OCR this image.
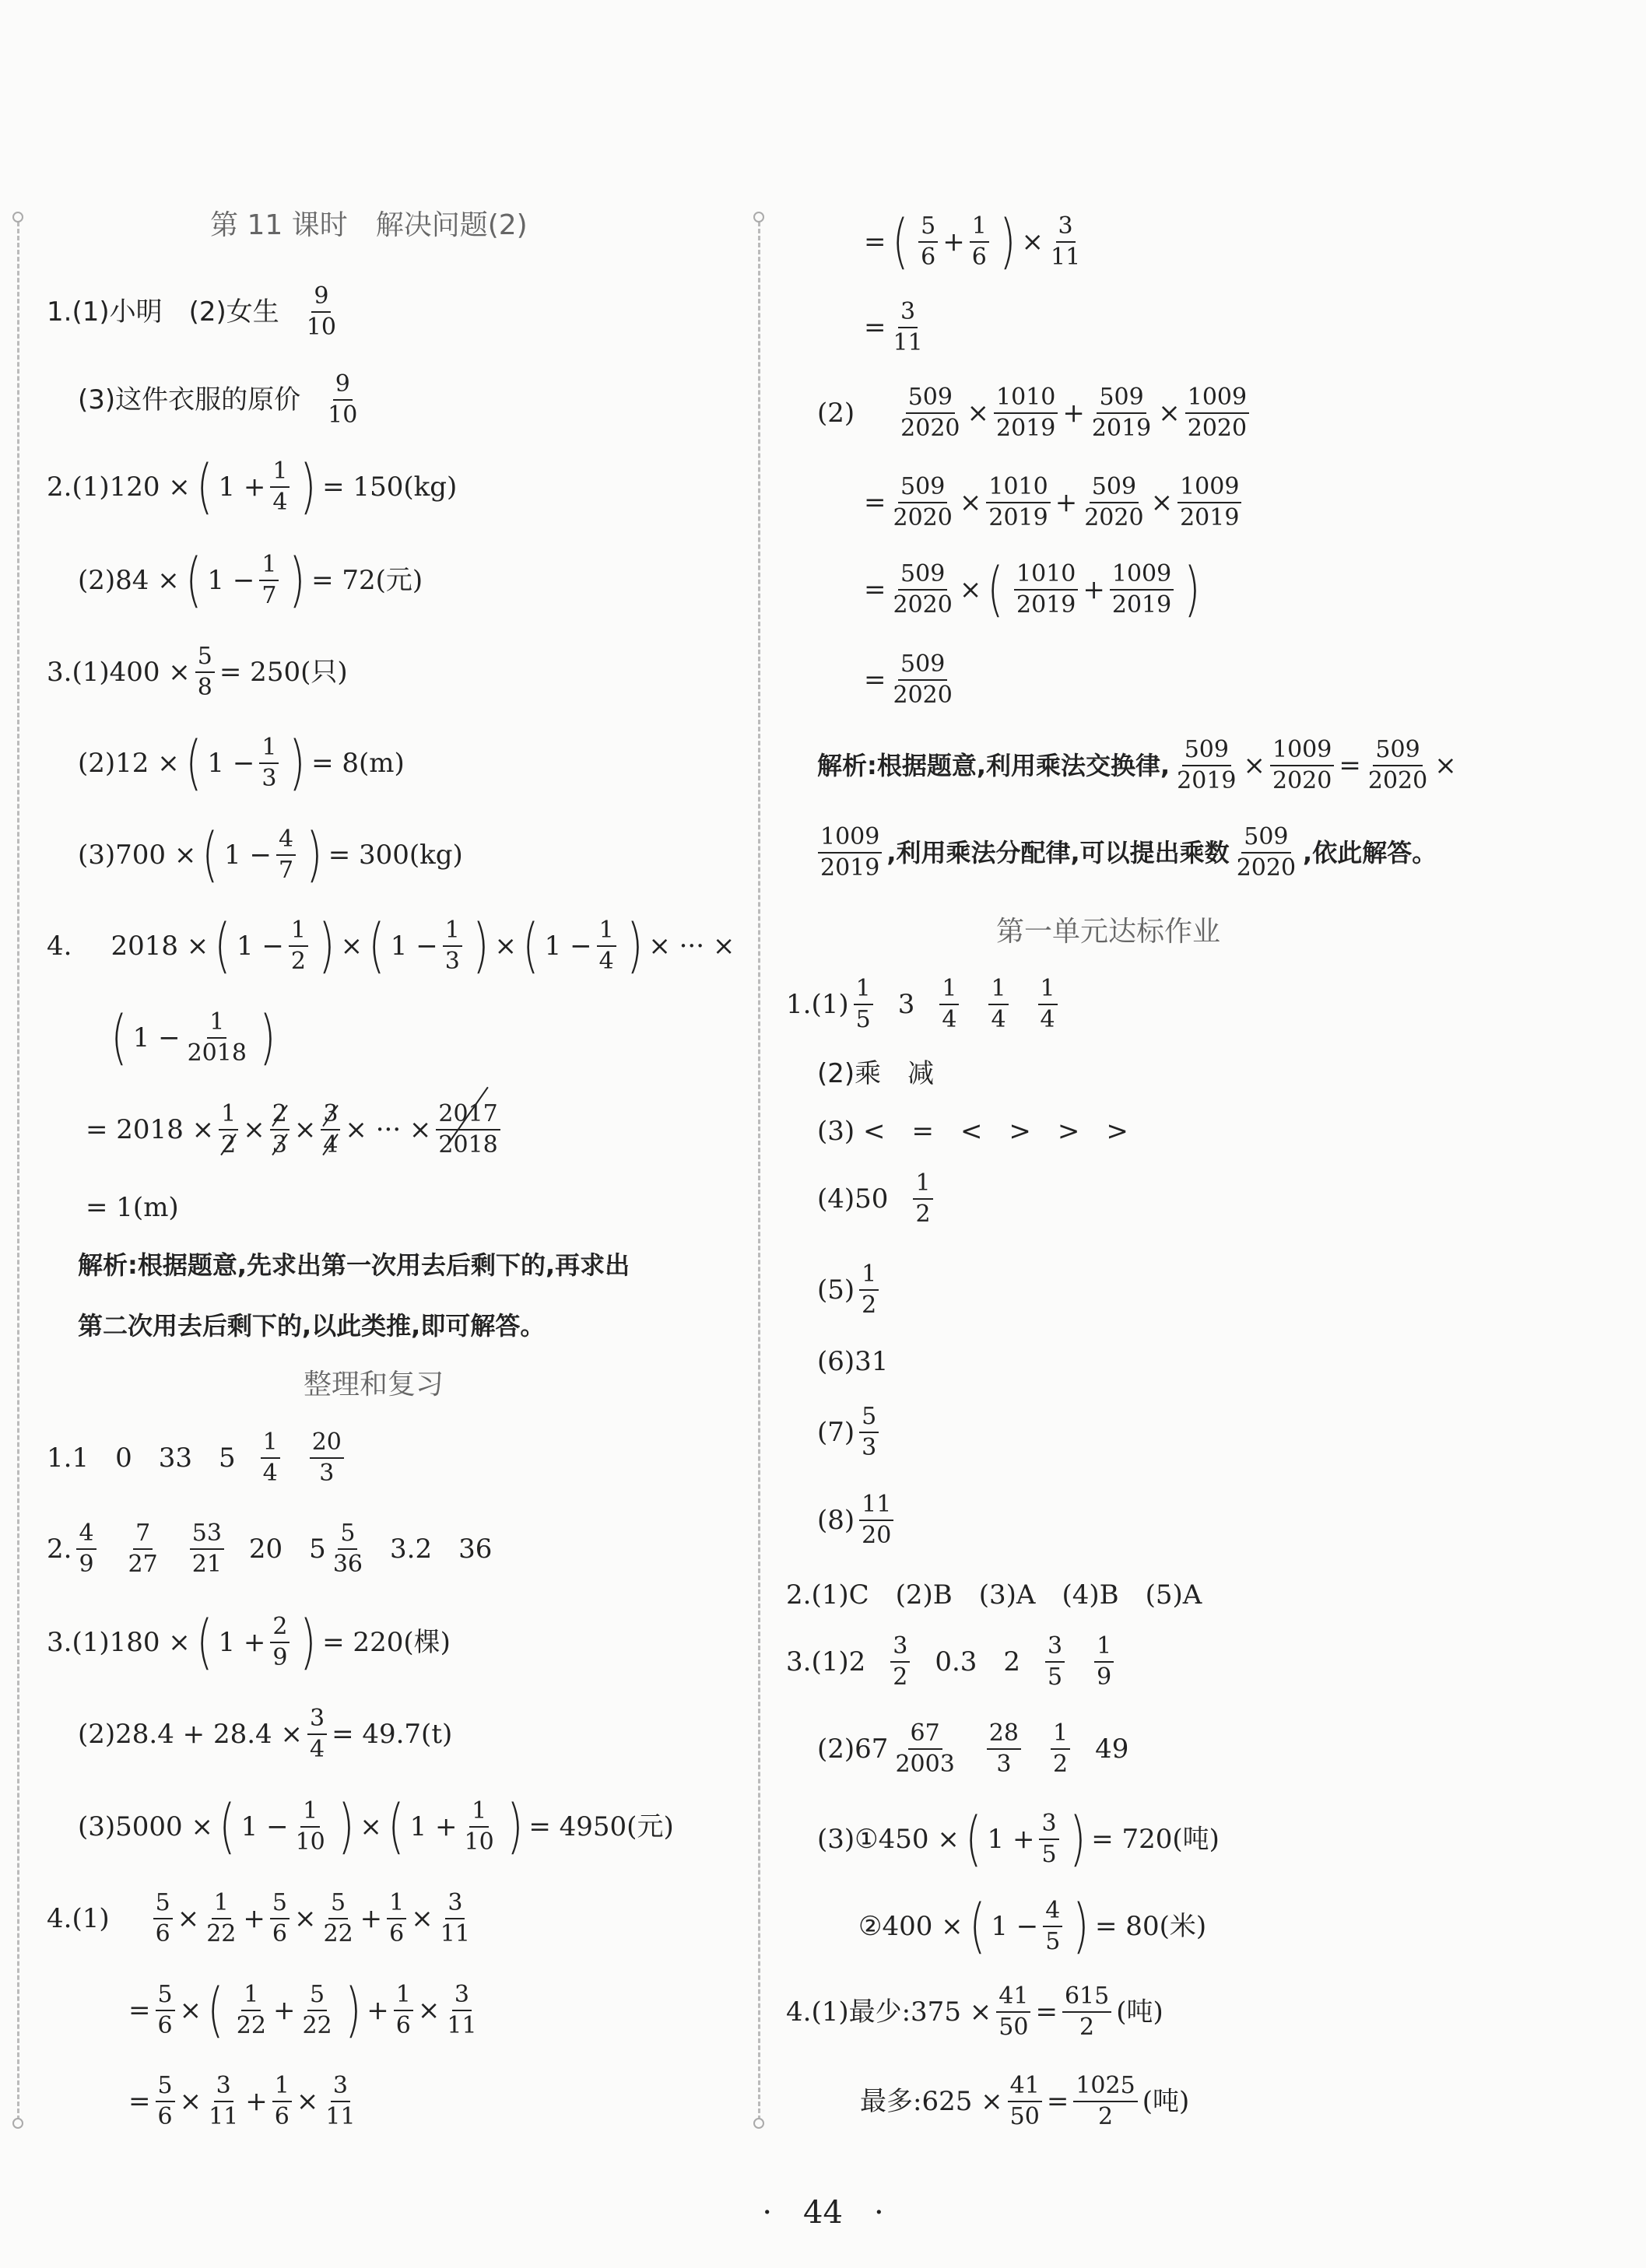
第 11 课时　解决问题(2)
1.(1)小明　(2)女生 $\frac{9}{10}$
(3)这件衣服的原价 $\frac{9}{10}$
2.(1)120 × ( $1 + \frac{1}{4}$ ) = 150(kg)
(2)84 × ( $1 - \frac{1}{7}$ ) = 72(元)
$3.(1)400 \times \frac{5}{8} = 250$(只)
(2)12 × ( $1 - \frac{1}{3}$ ) = 8(m)
(3)700 × ( $1 - \frac{4}{7}$ ) = 300(kg)
4. 2018 × ( $1 - \frac{1}{2}$ ) × ( $1 - \frac{1}{3}$ ) × ( $1 - \frac{1}{4}$ ) × ··· ×
( $1 - \frac{1}{2018}$ )
= $2018 \times \frac{1}{2} \times \frac{2}{3} \times \frac{3}{4}$ × ··· × $\frac{2017}{2018}$
= 1(m)
解析 :根据题意,先求出第一次用去后剩下的,再求出
第二次用去后剩下的,以此类推,即可解答。
整理和复习
1.1　0　33　$5 \frac{1}{4} \frac{20}{3}$
2. $\frac{4}{9} \frac{7}{27} \frac{53}{21} 20$　$5 \frac{5}{36} 3.2$　36
3.(1)180 × ( $1 + \frac{2}{9}$ ) = 220(棵)
$(2)28.4 + 28.4 \times \frac{3}{4} = 49.7(t)$
(3)5000 × ( $1 - \frac{1}{10}$ ) × ( $1 + \frac{1}{10}$ ) = 4950(元)
$4.(1) \frac{5}{6} \times \frac{1}{22} + \frac{5}{6} \times \frac{5}{22} + \frac{1}{6} \times \frac{3}{11}$
= $\frac{5}{6}$ × ( $\frac{1}{22} + \frac{5}{22}$ ) + $\frac{1}{6} \times \frac{3}{11}$
= $\frac{5}{6} \times \frac{3}{11} + \frac{1}{6} \times \frac{3}{11}$
= ( $\frac{5}{6} + \frac{1}{6}$ ) × $\frac{3}{11}$
= $\frac{3}{11}$
$(2) \frac{509}{2020} \times \frac{1010}{2019} + \frac{509}{2019} \times \frac{1009}{2020}$
= $\frac{509}{2020} \times \frac{1010}{2019} + \frac{509}{2020} \times \frac{1009}{2019}$
= $\frac{509}{2020}$ × ( $\frac{1010}{2019} + \frac{1009}{2019}$ )
= $\frac{509}{2020}$
解析 :根据题意,利用乘法交换律, $\frac{509}{2019} \times \frac{1009}{2020} = \frac{509}{2020}$ ×
$\frac{1009}{2019}$ ,利用乘法分配律,可以提出乘数 $\frac{509}{2020}$ ,依此解答。
第一单元达标作业
$1.(1) \frac{1}{5} 3 \frac{1}{4} \frac{1}{4} \frac{1}{4}$
(2)乘　减
(3) <　=　<　>　>　>
$(4)50 \frac{1}{2}$
$(5) \frac{1}{2}$
(6)31
$(7) \frac{5}{3}$
$(8) \frac{11}{20}$
2.(1)C　(2)B　(3)A　(4)B　(5)A
$3.(1)2 \frac{3}{2} 0.3$　$2 \frac{3}{5} \frac{1}{9}$
$(2)67 \frac{67}{2003} \frac{28}{3} \frac{1}{2} 49$
(3)①450 × ( $1 + \frac{3}{5}$ ) = 720(吨)
②400 × ( $1 - \frac{4}{5}$ ) = 80(米)
4.(1)最少:375 × $\frac{41}{50} = \frac{615}{2}$ (吨)
最多:625 × $\frac{41}{50} = \frac{1025}{2}$ (吨)
·　44　·
